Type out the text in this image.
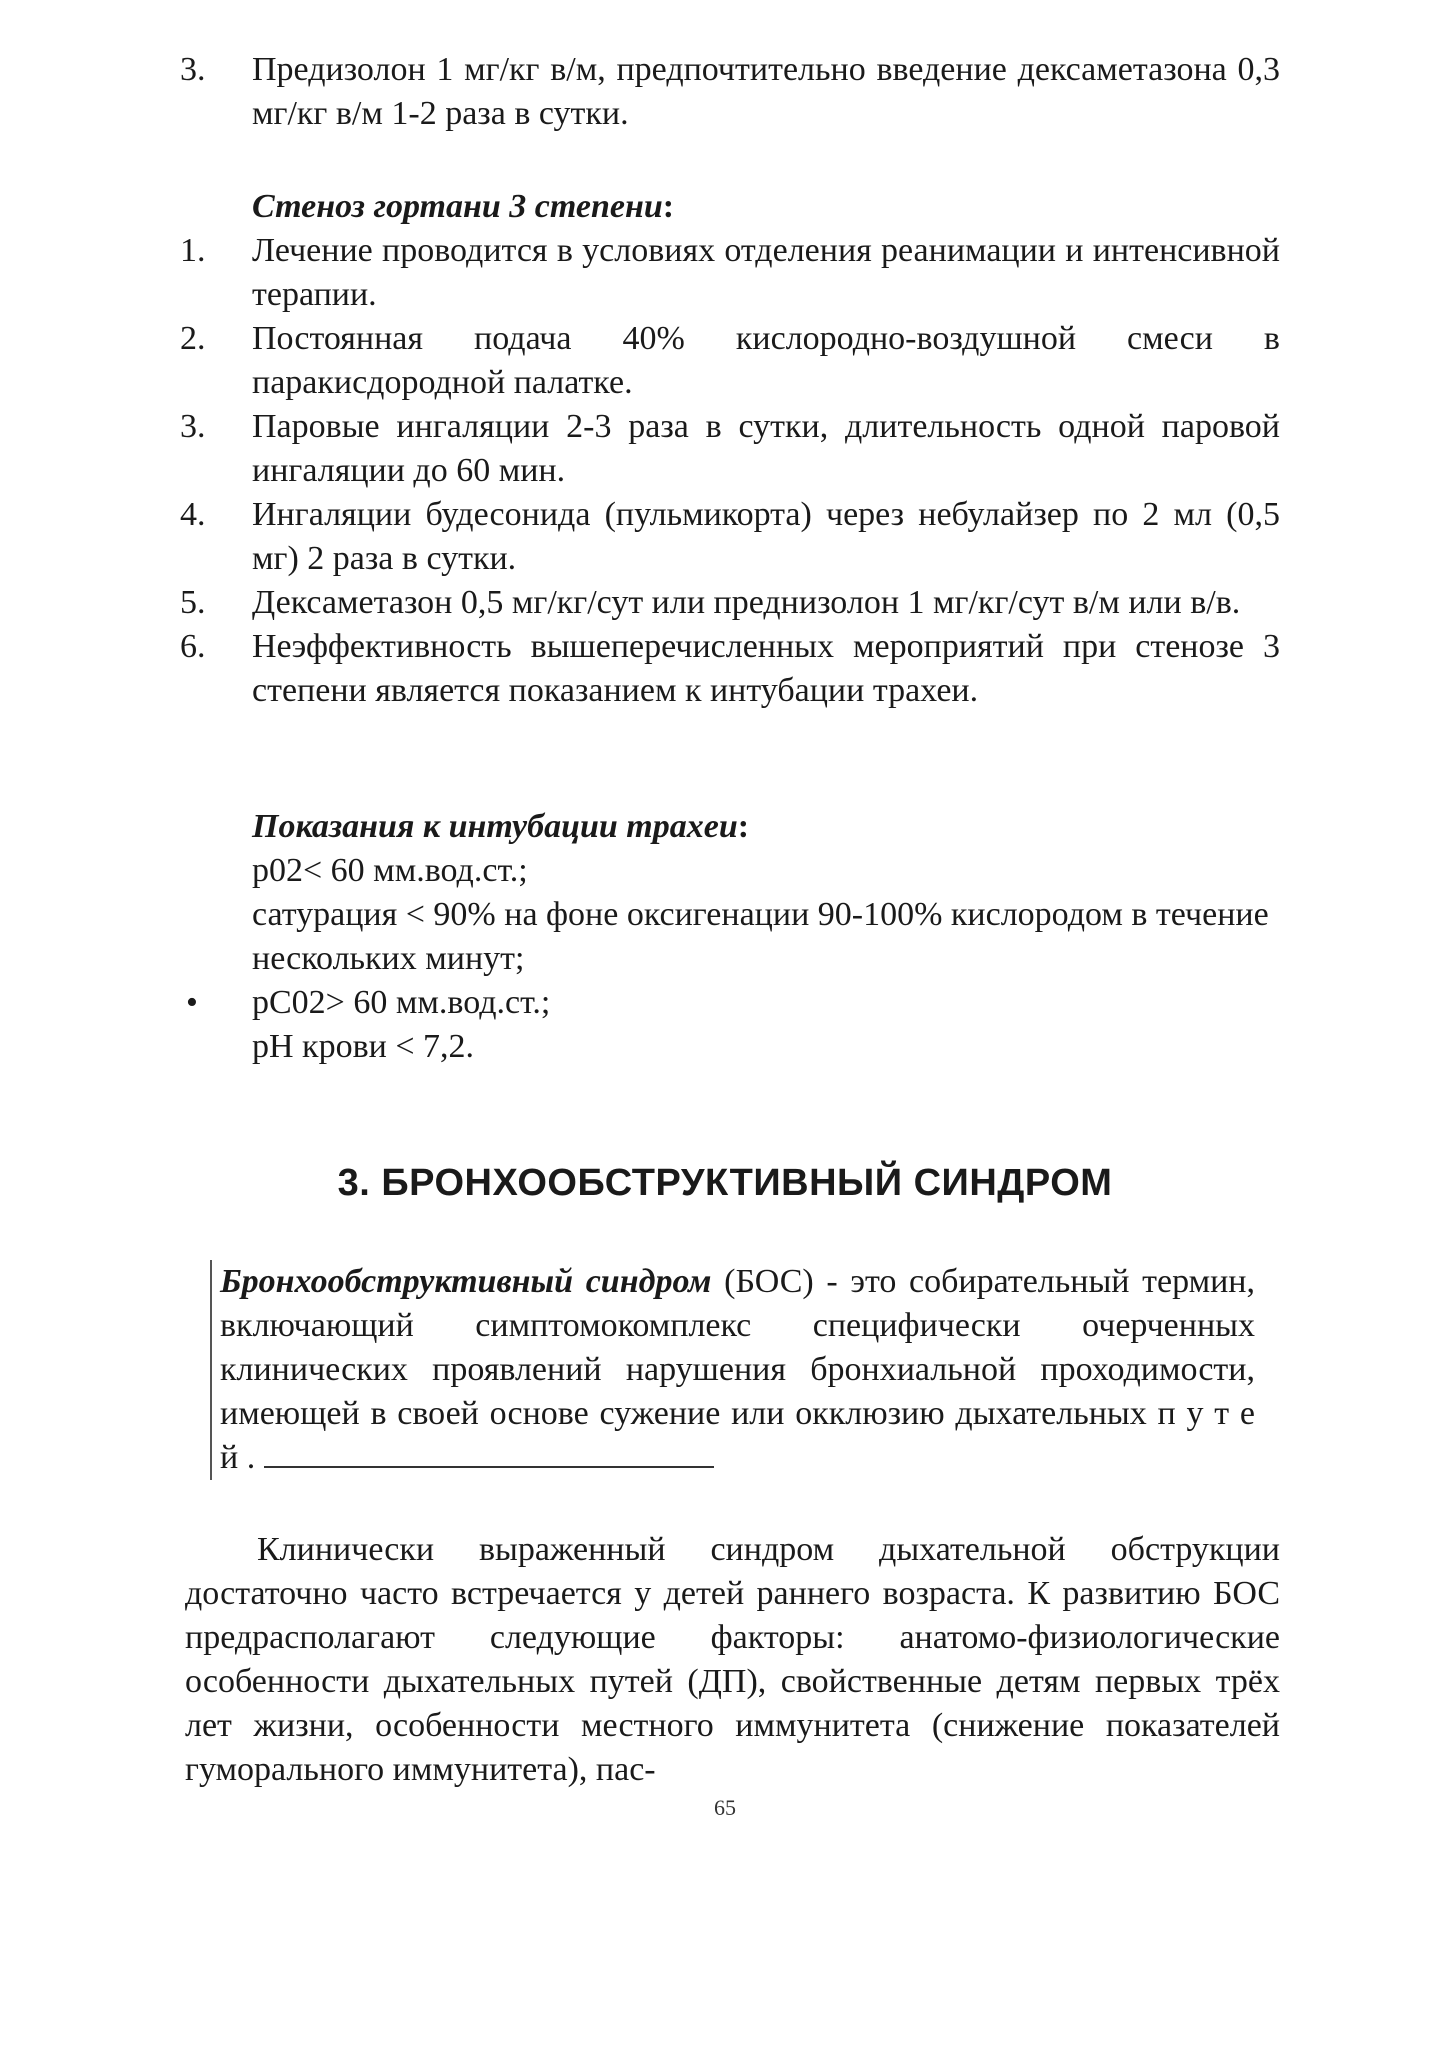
3. Предизолон 1 мг/кг в/м, предпочтительно введение дексаметазона 0,3 мг/кг в/м 1-2 раза в сутки.

Стеноз гортани 3 степени:

1. Лечение проводится в условиях отделения реанимации и интенсивной терапии.

2. Постоянная подача 40% кислородно-воздушной смеси в паракисдородной палатке.

3. Паровые ингаляции 2-3 раза в сутки, длительность одной паровой ингаляции до 60 мин.

4. Ингаляции будесонида (пульмикорта) через небулайзер по 2 мл (0,5 мг) 2 раза в сутки.

5. Дексаметазон 0,5 мг/кг/сут или преднизолон 1 мг/кг/сут в/м или в/в.

6. Неэффективность вышеперечисленных мероприятий при стенозе 3 степени является показанием к интубации трахеи.

Показания к интубации трахеи:

p02< 60 мм.вод.ст.;

сатурация < 90% на фоне оксигенации 90-100% кислородом в течение нескольких минут;

• pC02> 60 мм.вод.ст.;

pH крови < 7,2.

3. БРОНХООБСТРУКТИВНЫЙ СИНДРОМ
Бронхообструктивный синдром (БОС) - это собирательный термин, включающий симптомокомплекс специфически очерченных клинических проявлений нарушения бронхиальной проходимости, имеющей в своей основе сужение или окклюзию дыхательных п у т е й .

Клинически выраженный синдром дыхательной обструкции достаточно часто встречается у детей раннего возраста. К развитию БОС предрасполагают следующие факторы: анатомо-физиологические особенности дыхательных путей (ДП), свойственные детям первых трёх лет жизни, особенности местного иммунитета (снижение показателей гуморального иммунитета), пас-

65
